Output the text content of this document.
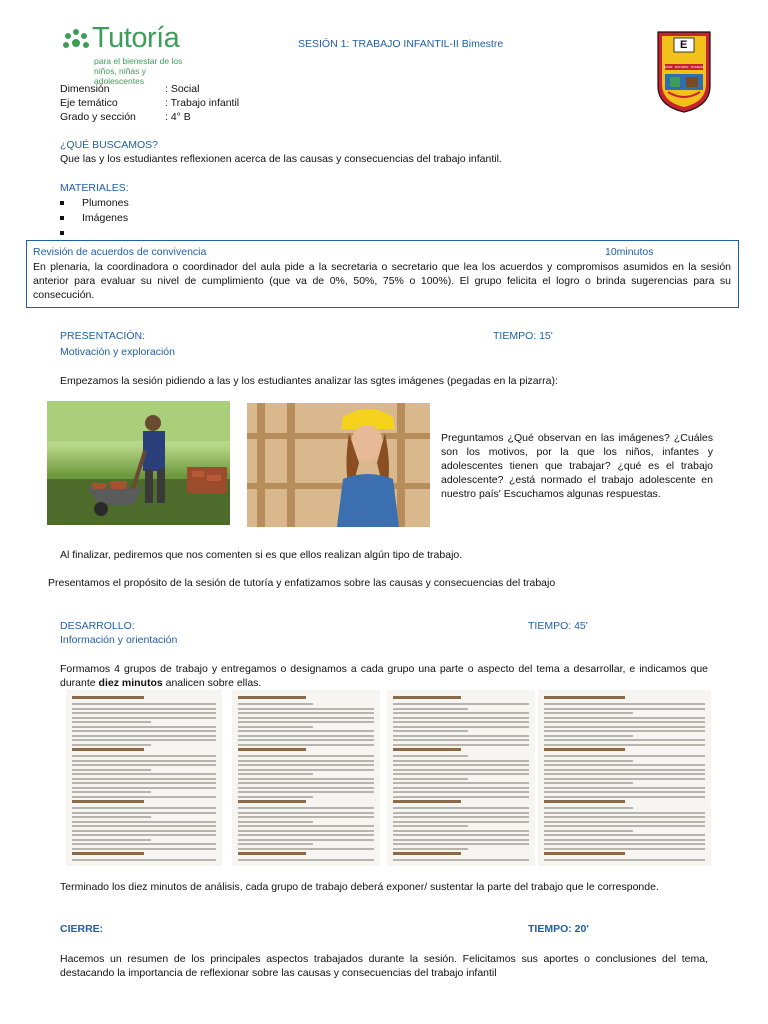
Tutoría
para el bienestar de los
niños, niñas y adolescentes
SESIÓN 1: TRABAJO INFANTIL-II Bimestre	E
AMOR   ESTUDIO   TRABAJO
Dimensión	: Social
Eje temático	: Trabajo infantil
Grado y sección	: 4° B
¿QUÉ BUSCAMOS?
Que las y los estudiantes reflexionen acerca de las causas y consecuencias del trabajo infantil.
MATERIALES:
Plumones
Imágenes
Revisión de acuerdos de convivencia	10minutos
En plenaria, la coordinadora o coordinador del aula pide a la secretaria o secretario que lea los acuerdos y compromisos asumidos en la sesión anterior para evaluar su nivel de cumplimiento (que va de 0%, 50%, 75% o 100%). El grupo felicita el logro o brinda sugerencias para su consecución.
PRESENTACIÓN:	TIEMPO: 15'
Motivación y exploración
Empezamos la sesión pidiendo a las y los estudiantes analizar las sgtes imágenes (pegadas en la pizarra):
Preguntamos ¿Qué observan en las imágenes? ¿Cuáles son los motivos, por la que los niños, infantes y adolescentes tienen que trabajar? ¿qué es el trabajo adolescente? ¿está normado el trabajo adolescente en nuestro país' Escuchamos algunas respuestas.
Al finalizar, pediremos que nos comenten si es que ellos realizan algún tipo de trabajo.
Presentamos el propósito de la sesión de tutoría y enfatizamos sobre las causas y consecuencias del trabajo
DESARROLLO:	TIEMPO: 45'
Información y orientación
Formamos 4 grupos de trabajo y entregamos o designamos a cada grupo una parte o aspecto del tema a desarrollar, e indicamos que durante diez minutos analicen sobre ellas.
Terminado los diez minutos de análisis, cada grupo de trabajo deberá exponer/ sustentar la parte del trabajo que le corresponde.
CIERRE:	TIEMPO: 20'
Hacemos un resumen de los principales aspectos trabajados durante la sesión. Felicitamos sus aportes o conclusiones del tema, destacando la importancia de reflexionar sobre las causas y consecuencias del trabajo infantil
